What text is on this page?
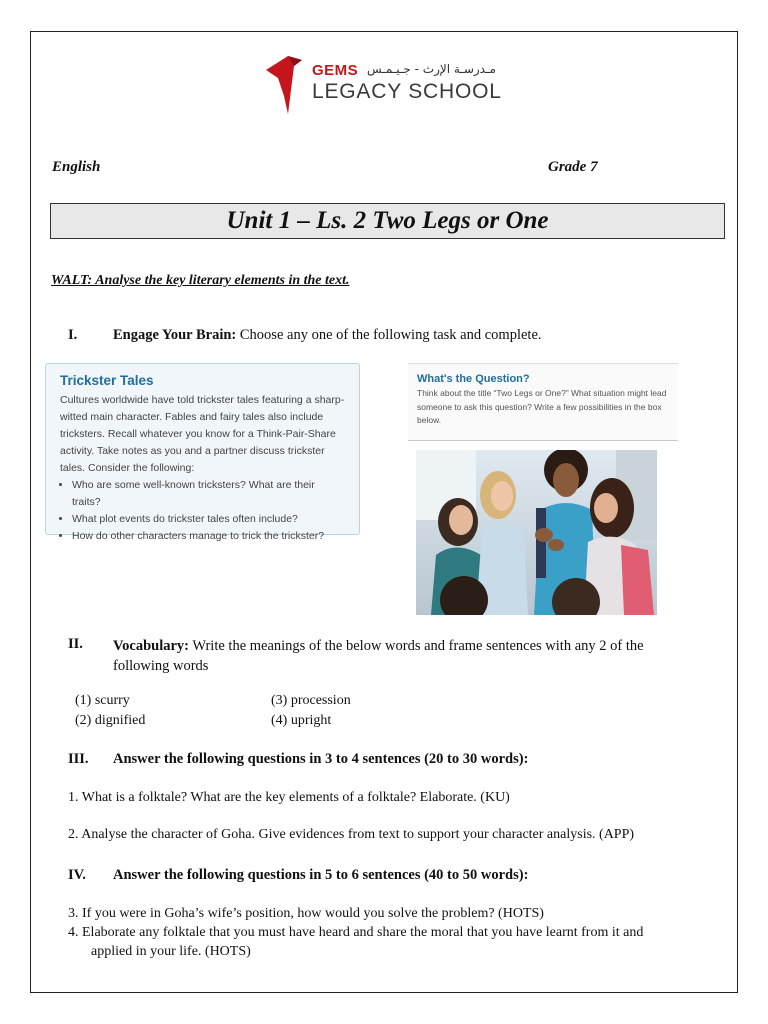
GEMS مـدرسـة الإرث - جـيـمـس
LEGACY SCHOOL
English	Grade 7
Unit 1 – Ls. 2 Two Legs or One
WALT: Analyse the key literary elements in the text.
I. Engage Your Brain: Choose any one of the following task and complete.
Trickster Tales
Cultures worldwide have told trickster tales featuring a sharp-witted main character. Fables and fairy tales also include tricksters. Recall whatever you know for a Think-Pair-Share activity. Take notes as you and a partner discuss trickster tales. Consider the following:
• Who are some well-known tricksters? What are their traits?
• What plot events do trickster tales often include?
• How do other characters manage to trick the trickster?
What's the Question?
Think about the title “Two Legs or One?” What situation might lead someone to ask this question? Write a few possibilities in the box below.
II. Vocabulary: Write the meanings of the below words and frame sentences with any 2 of the
following words
(1) scurry
(2) dignified
(3) procession
(4) upright
III. Answer the following questions in 3 to 4 sentences (20 to 30 words):
1. What is a folktale? What are the key elements of a folktale? Elaborate. (KU)
2. Analyse the character of Goha. Give evidences from text to support your character analysis. (APP)
IV. Answer the following questions in 5 to 6 sentences (40 to 50 words):
3. If you were in Goha’s wife’s position, how would you solve the problem? (HOTS)
4. Elaborate any folktale that you must have heard and share the moral that you have learnt from it and
applied in your life. (HOTS)
